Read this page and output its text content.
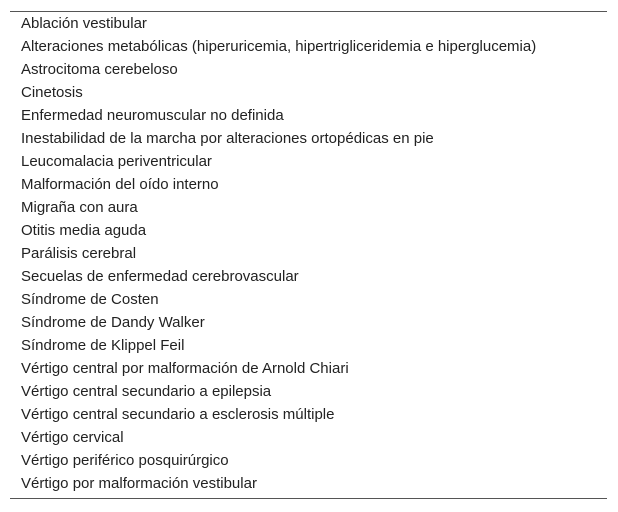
Ablación vestibular
Alteraciones metabólicas (hiperuricemia, hipertrigliceridemia e hiperglucemia)
Astrocitoma cerebeloso
Cinetosis
Enfermedad neuromuscular no definida
Inestabilidad de la marcha por alteraciones ortopédicas en pie
Leucomalacia periventricular
Malformación del oído interno
Migraña con aura
Otitis media aguda
Parálisis cerebral
Secuelas de enfermedad cerebrovascular
Síndrome de Costen
Síndrome de Dandy Walker
Síndrome de Klippel Feil
Vértigo central por malformación de Arnold Chiari
Vértigo central secundario a epilepsia
Vértigo central secundario a esclerosis múltiple
Vértigo cervical
Vértigo periférico posquirúrgico
Vértigo por malformación vestibular
